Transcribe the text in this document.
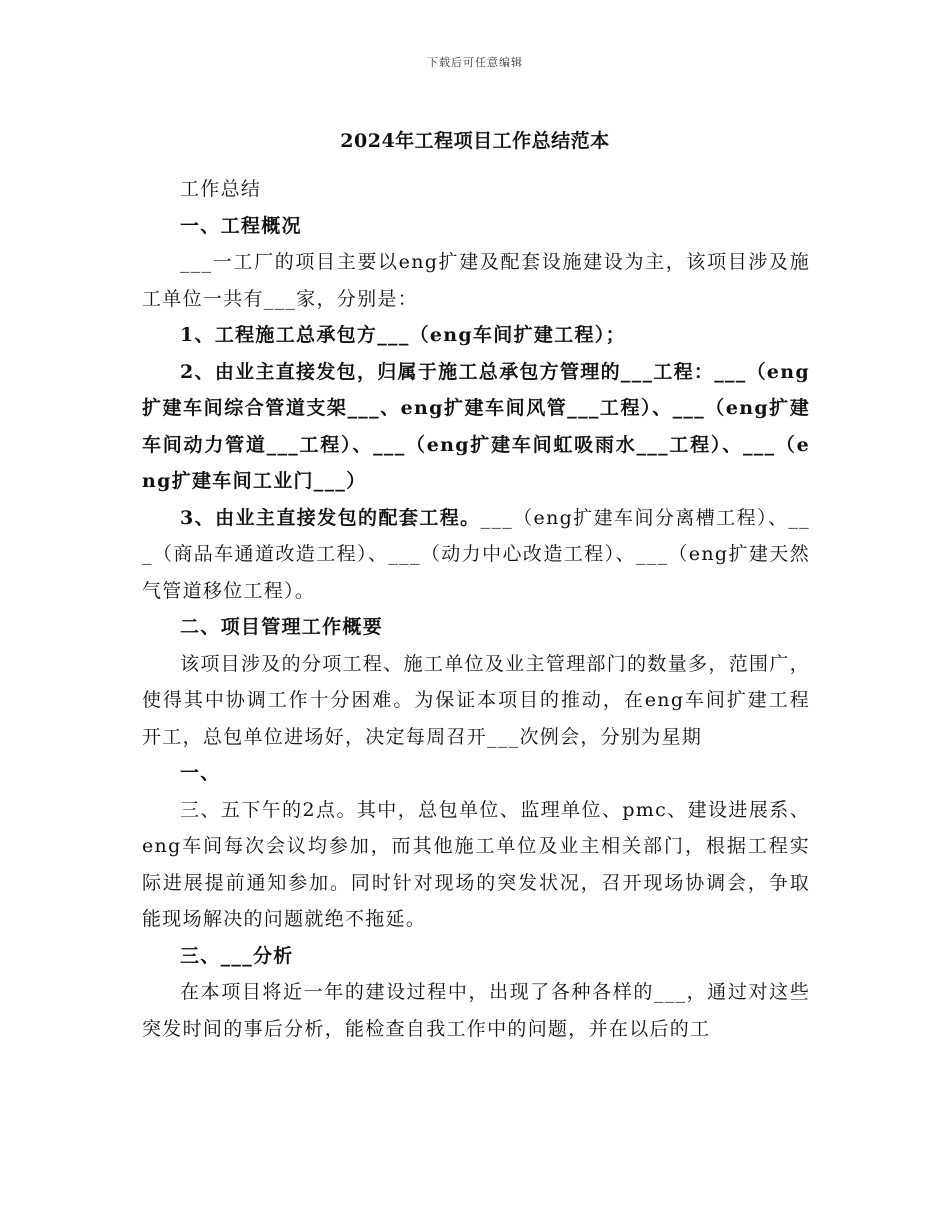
下载后可任意编辑
2024年工程项目工作总结范本

工作总结

一、工程概况

___一工厂的项目主要以eng扩建及配套设施建设为主，该项目涉及施工单位一共有___家，分别是：

1、工程施工总承包方___（eng车间扩建工程）；

2、由业主直接发包，归属于施工总承包方管理的___工程：___（eng扩建车间综合管道支架___、eng扩建车间风管___工程）、___（eng扩建车间动力管道___工程）、___（eng扩建车间虹吸雨水___工程）、___（eng扩建车间工业门___）

3、由业主直接发包的配套工程。___（eng扩建车间分离槽工程）、___（商品车通道改造工程）、___（动力中心改造工程）、___（eng扩建天然气管道移位工程）。

二、项目管理工作概要

该项目涉及的分项工程、施工单位及业主管理部门的数量多，范围广，使得其中协调工作十分困难。为保证本项目的推动，在eng车间扩建工程开工，总包单位进场好，决定每周召开___次例会，分别为星期

一、

三、五下午的2点。其中，总包单位、监理单位、pmc、建设进展系、eng车间每次会议均参加，而其他施工单位及业主相关部门，根据工程实际进展提前通知参加。同时针对现场的突发状况，召开现场协调会，争取能现场解决的问题就绝不拖延。

三、___分析

在本项目将近一年的建设过程中，出现了各种各样的___，通过对这些突发时间的事后分析，能检查自我工作中的问题，并在以后的工
